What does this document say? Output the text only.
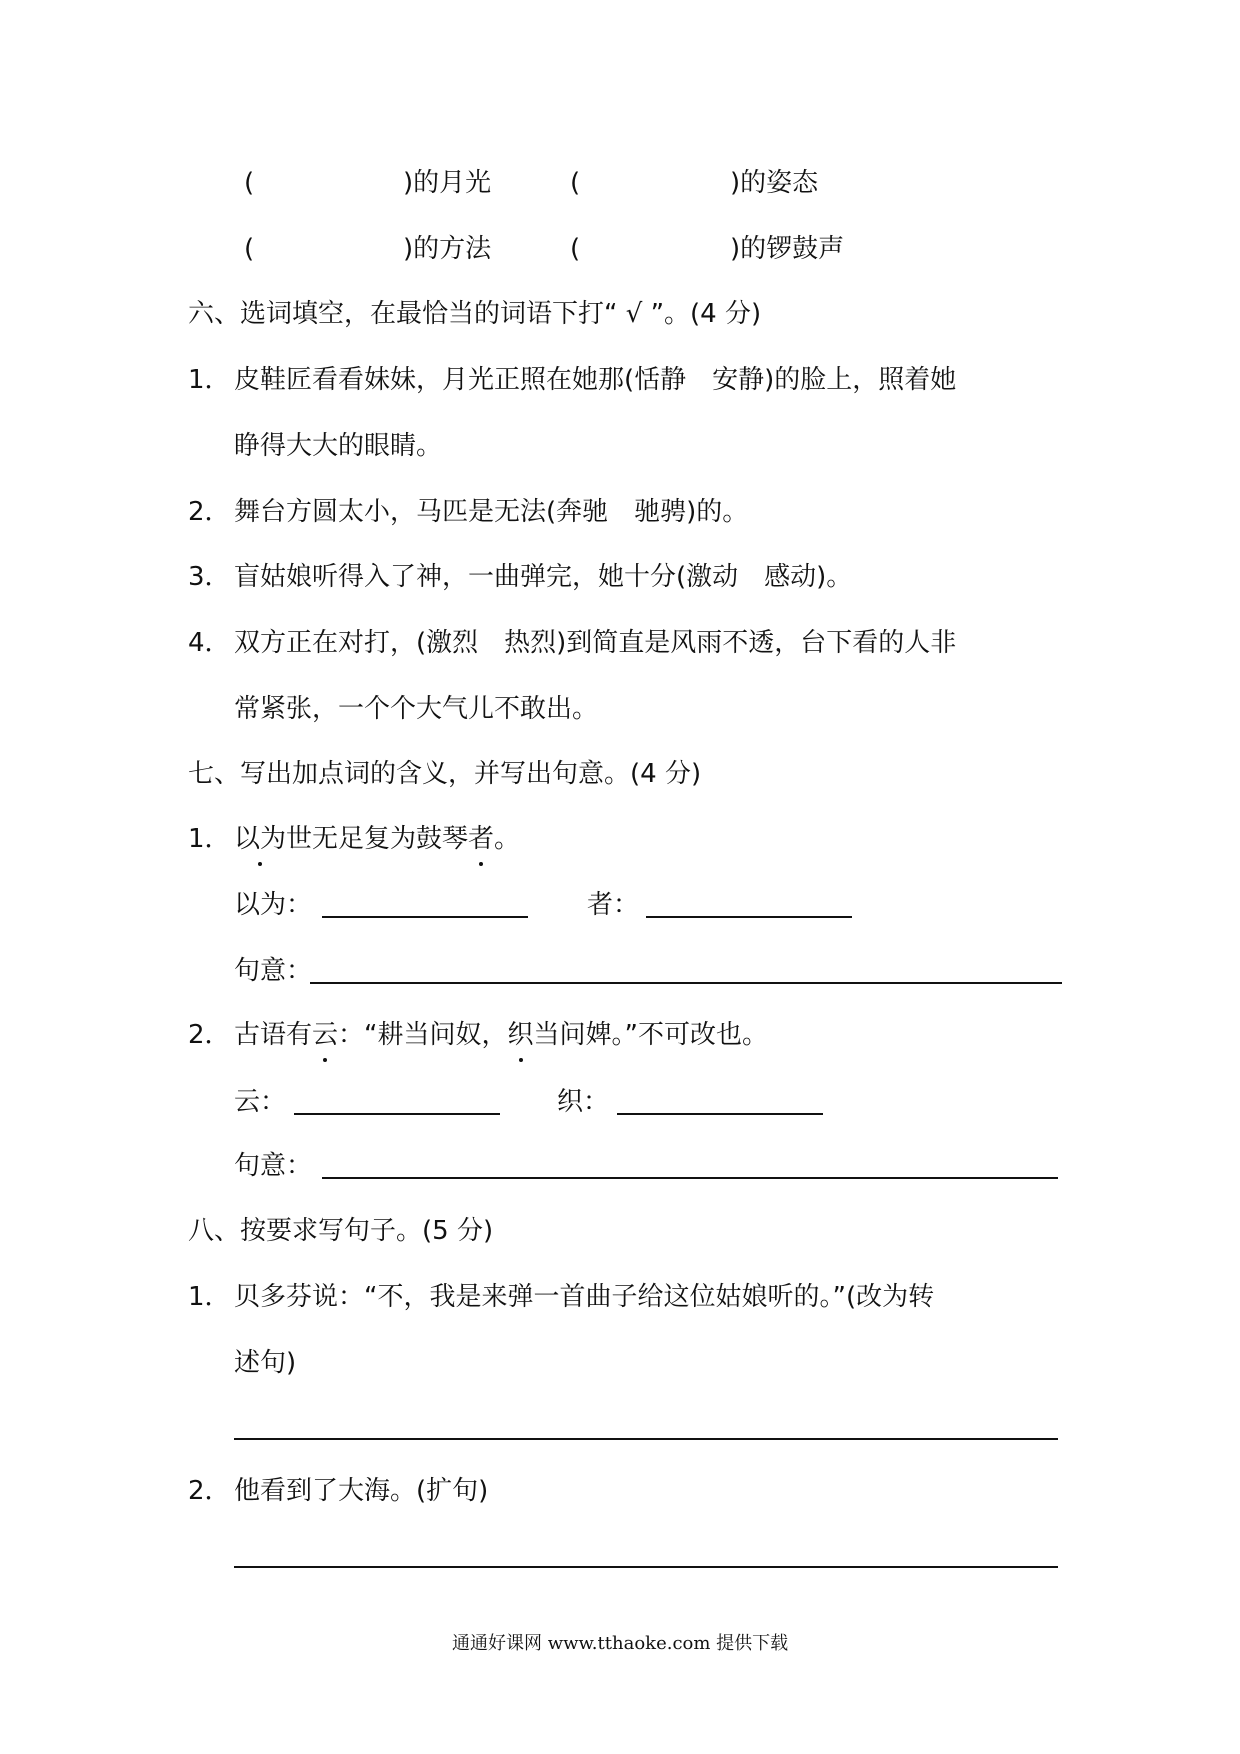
(	)的月光	(	)的姿态
(	)的方法	(	)的锣鼓声
六、选词填空，在最恰当的词语下打“ √ ”。(4 分)
1． 皮鞋匠看看妹妹，月光正照在她那(恬静　安静)的脸上，照着她
睁得大大的眼睛。
2． 舞台方圆太小，马匹是无法(奔驰　驰骋)的。
3． 盲姑娘听得入了神，一曲弹完，她十分(激动　感动)。
4． 双方正在对打，(激烈　热烈)到简直是风雨不透，台下看的人非
常紧张，一个个大气儿不敢出。
七、写出加点词的含义，并写出句意。(4 分)
1． 以为世无足复为鼓琴者。
以为：	者：
句意：
2． 古语有云：“耕当问奴，织当问婢。”不可改也。
云：	织：
句意：
八、按要求写句子。(5 分)
1． 贝多芬说：“不，我是来弹一首曲子给这位姑娘听的。”(改为转
述句)
2． 他看到了大海。(扩句)
通通好课网 www.tthaoke.com 提供下载
